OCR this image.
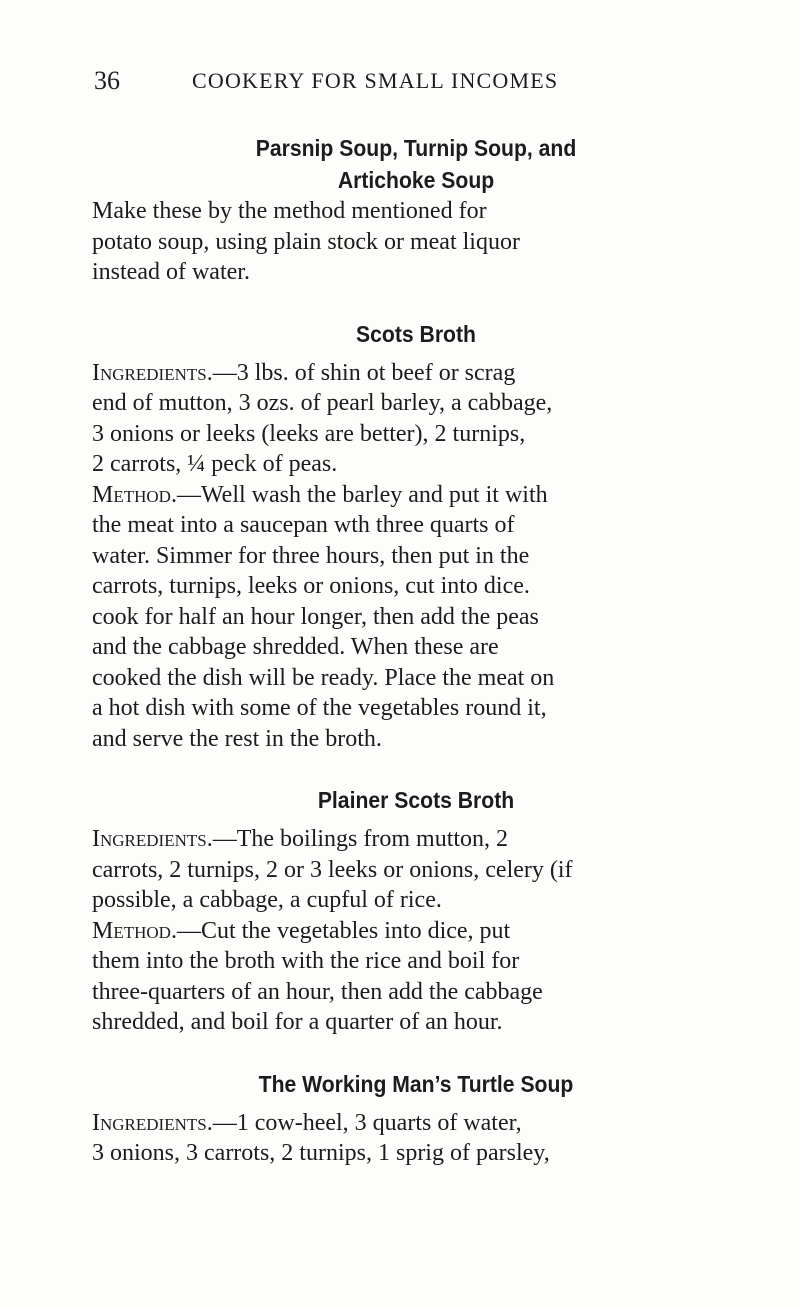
36	COOKERY FOR SMALL INCOMES
Parsnip Soup, Turnip Soup, and
Artichoke Soup

Make these by the method mentioned for
potato soup, using plain stock or meat liquor
instead of water.

Scots Broth

Ingredients.—3 lbs. of shin ot beef or scrag
end of mutton, 3 ozs. of pearl barley, a cabbage,
3 onions or leeks (leeks are better), 2 turnips,
2 carrots, ¼ peck of peas.

Method.—Well wash the barley and put it with
the meat into a saucepan wth three quarts of
water. Simmer for three hours, then put in the
carrots, turnips, leeks or onions, cut into dice.
cook for half an hour longer, then add the peas
and the cabbage shredded. When these are
cooked the dish will be ready. Place the meat on
a hot dish with some of the vegetables round it,
and serve the rest in the broth.

Plainer Scots Broth

Ingredients.—The boilings from mutton, 2
carrots, 2 turnips, 2 or 3 leeks or onions, celery (if
possible, a cabbage, a cupful of rice.

Method.—Cut the vegetables into dice, put
them into the broth with the rice and boil for
three-quarters of an hour, then add the cabbage
shredded, and boil for a quarter of an hour.

The Working Man’s Turtle Soup

Ingredients.—1 cow-heel, 3 quarts of water,
3 onions, 3 carrots, 2 turnips, 1 sprig of parsley,
